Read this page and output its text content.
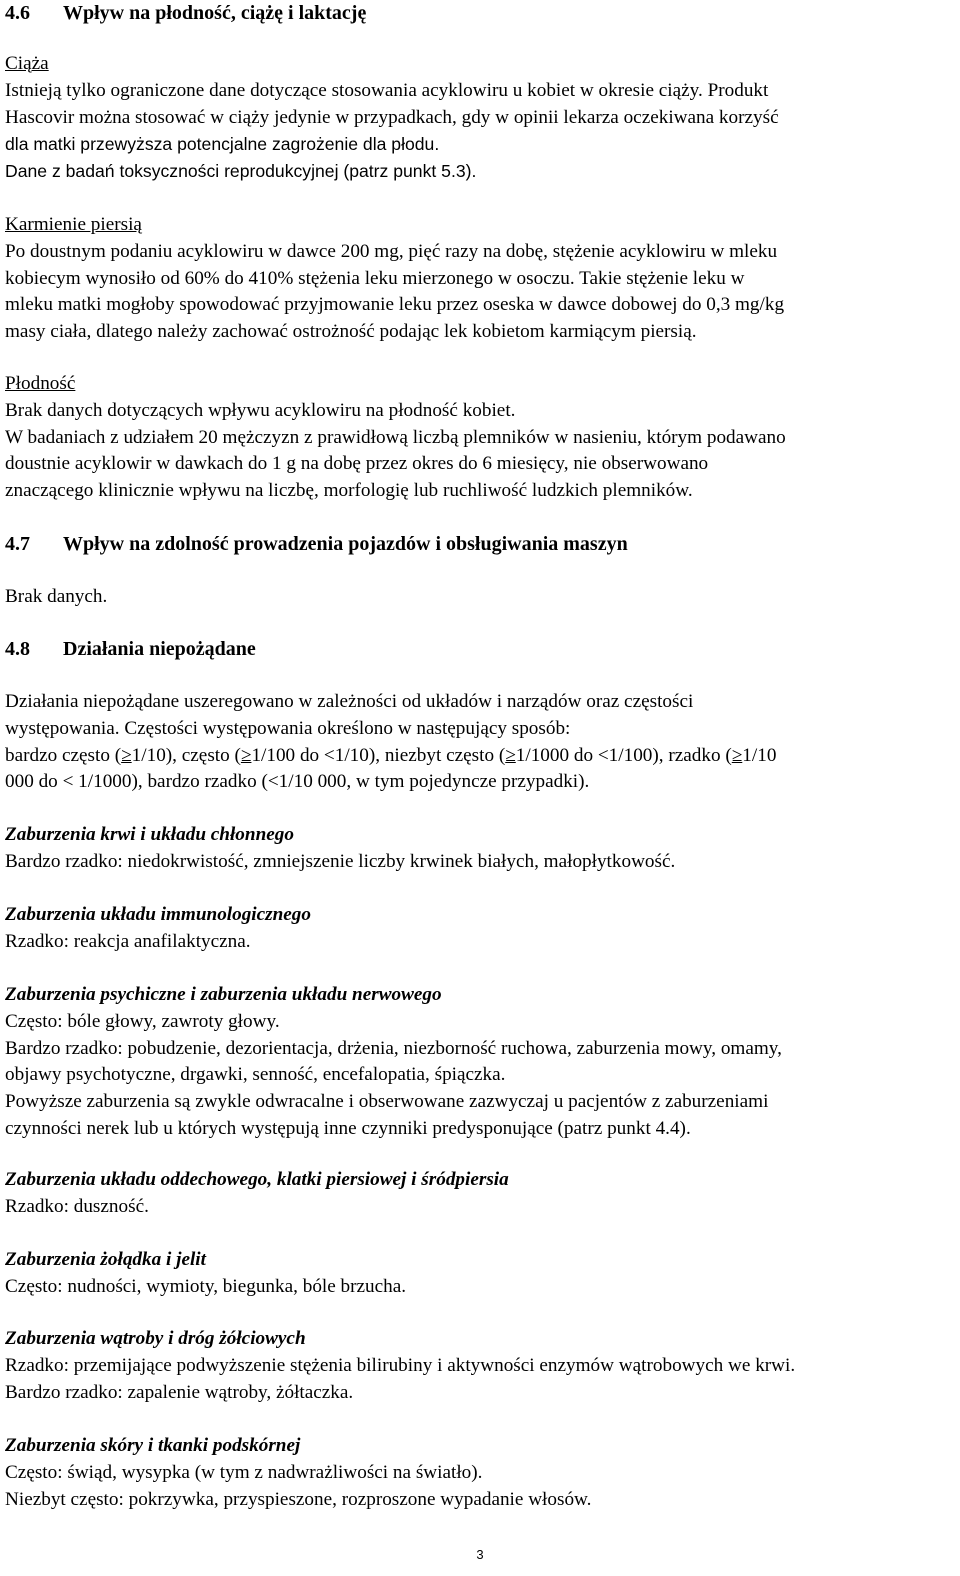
4.6 Wpływ na płodność, ciążę i laktację

Ciąża

Istnieją tylko ograniczone dane dotyczące stosowania acyklowiru u kobiet w okresie ciąży. Produkt

Hascovir można stosować w ciąży jedynie w przypadkach, gdy w opinii lekarza oczekiwana korzyść

dla matki przewyższa potencjalne zagrożenie dla płodu.

Dane z badań toksyczności reprodukcyjnej (patrz punkt 5.3).

Karmienie piersią

Po doustnym podaniu acyklowiru w dawce 200 mg, pięć razy na dobę, stężenie acyklowiru w mleku

kobiecym wynosiło od 60% do 410% stężenia leku mierzonego w osoczu. Takie stężenie leku w

mleku matki mogłoby spowodować przyjmowanie leku przez oseska w dawce dobowej do 0,3 mg/kg

masy ciała, dlatego należy zachować ostrożność podając lek kobietom karmiącym piersią.

Płodność

Brak danych dotyczących wpływu acyklowiru na płodność kobiet.

W badaniach z udziałem 20 mężczyzn z prawidłową liczbą plemników w nasieniu, którym podawano

doustnie acyklowir w dawkach do 1 g na dobę przez okres do 6 miesięcy, nie obserwowano

znaczącego klinicznie wpływu na liczbę, morfologię lub ruchliwość ludzkich plemników.

4.7 Wpływ na zdolność prowadzenia pojazdów i obsługiwania maszyn

Brak danych.

4.8 Działania niepożądane

Działania niepożądane uszeregowano w zależności od układów i narządów oraz częstości

występowania. Częstości występowania określono w następujący sposób:

bardzo często (≥1/10), często (≥1/100 do <1/10), niezbyt często (≥1/1000 do <1/100), rzadko (≥1/10

000 do < 1/1000), bardzo rzadko (<1/10 000, w tym pojedyncze przypadki).

Zaburzenia krwi i układu chłonnego

Bardzo rzadko: niedokrwistość, zmniejszenie liczby krwinek białych, małopłytkowość.

Zaburzenia układu immunologicznego

Rzadko: reakcja anafilaktyczna.

Zaburzenia psychiczne i zaburzenia układu nerwowego

Często: bóle głowy, zawroty głowy.

Bardzo rzadko: pobudzenie, dezorientacja, drżenia, niezborność ruchowa, zaburzenia mowy, omamy,

objawy psychotyczne, drgawki, senność, encefalopatia, śpiączka.

Powyższe zaburzenia są zwykle odwracalne i obserwowane zazwyczaj u pacjentów z zaburzeniami

czynności nerek lub u których występują inne czynniki predysponujące (patrz punkt 4.4).

Zaburzenia układu oddechowego, klatki piersiowej i śródpiersia

Rzadko: duszność.

Zaburzenia żołądka i jelit

Często: nudności, wymioty, biegunka, bóle brzucha.

Zaburzenia wątroby i dróg żółciowych

Rzadko: przemijające podwyższenie stężenia bilirubiny i aktywności enzymów wątrobowych we krwi.

Bardzo rzadko: zapalenie wątroby, żółtaczka.

Zaburzenia skóry i tkanki podskórnej

Często: świąd, wysypka (w tym z nadwrażliwości na światło).

Niezbyt często: pokrzywka, przyspieszone, rozproszone wypadanie włosów.

3
